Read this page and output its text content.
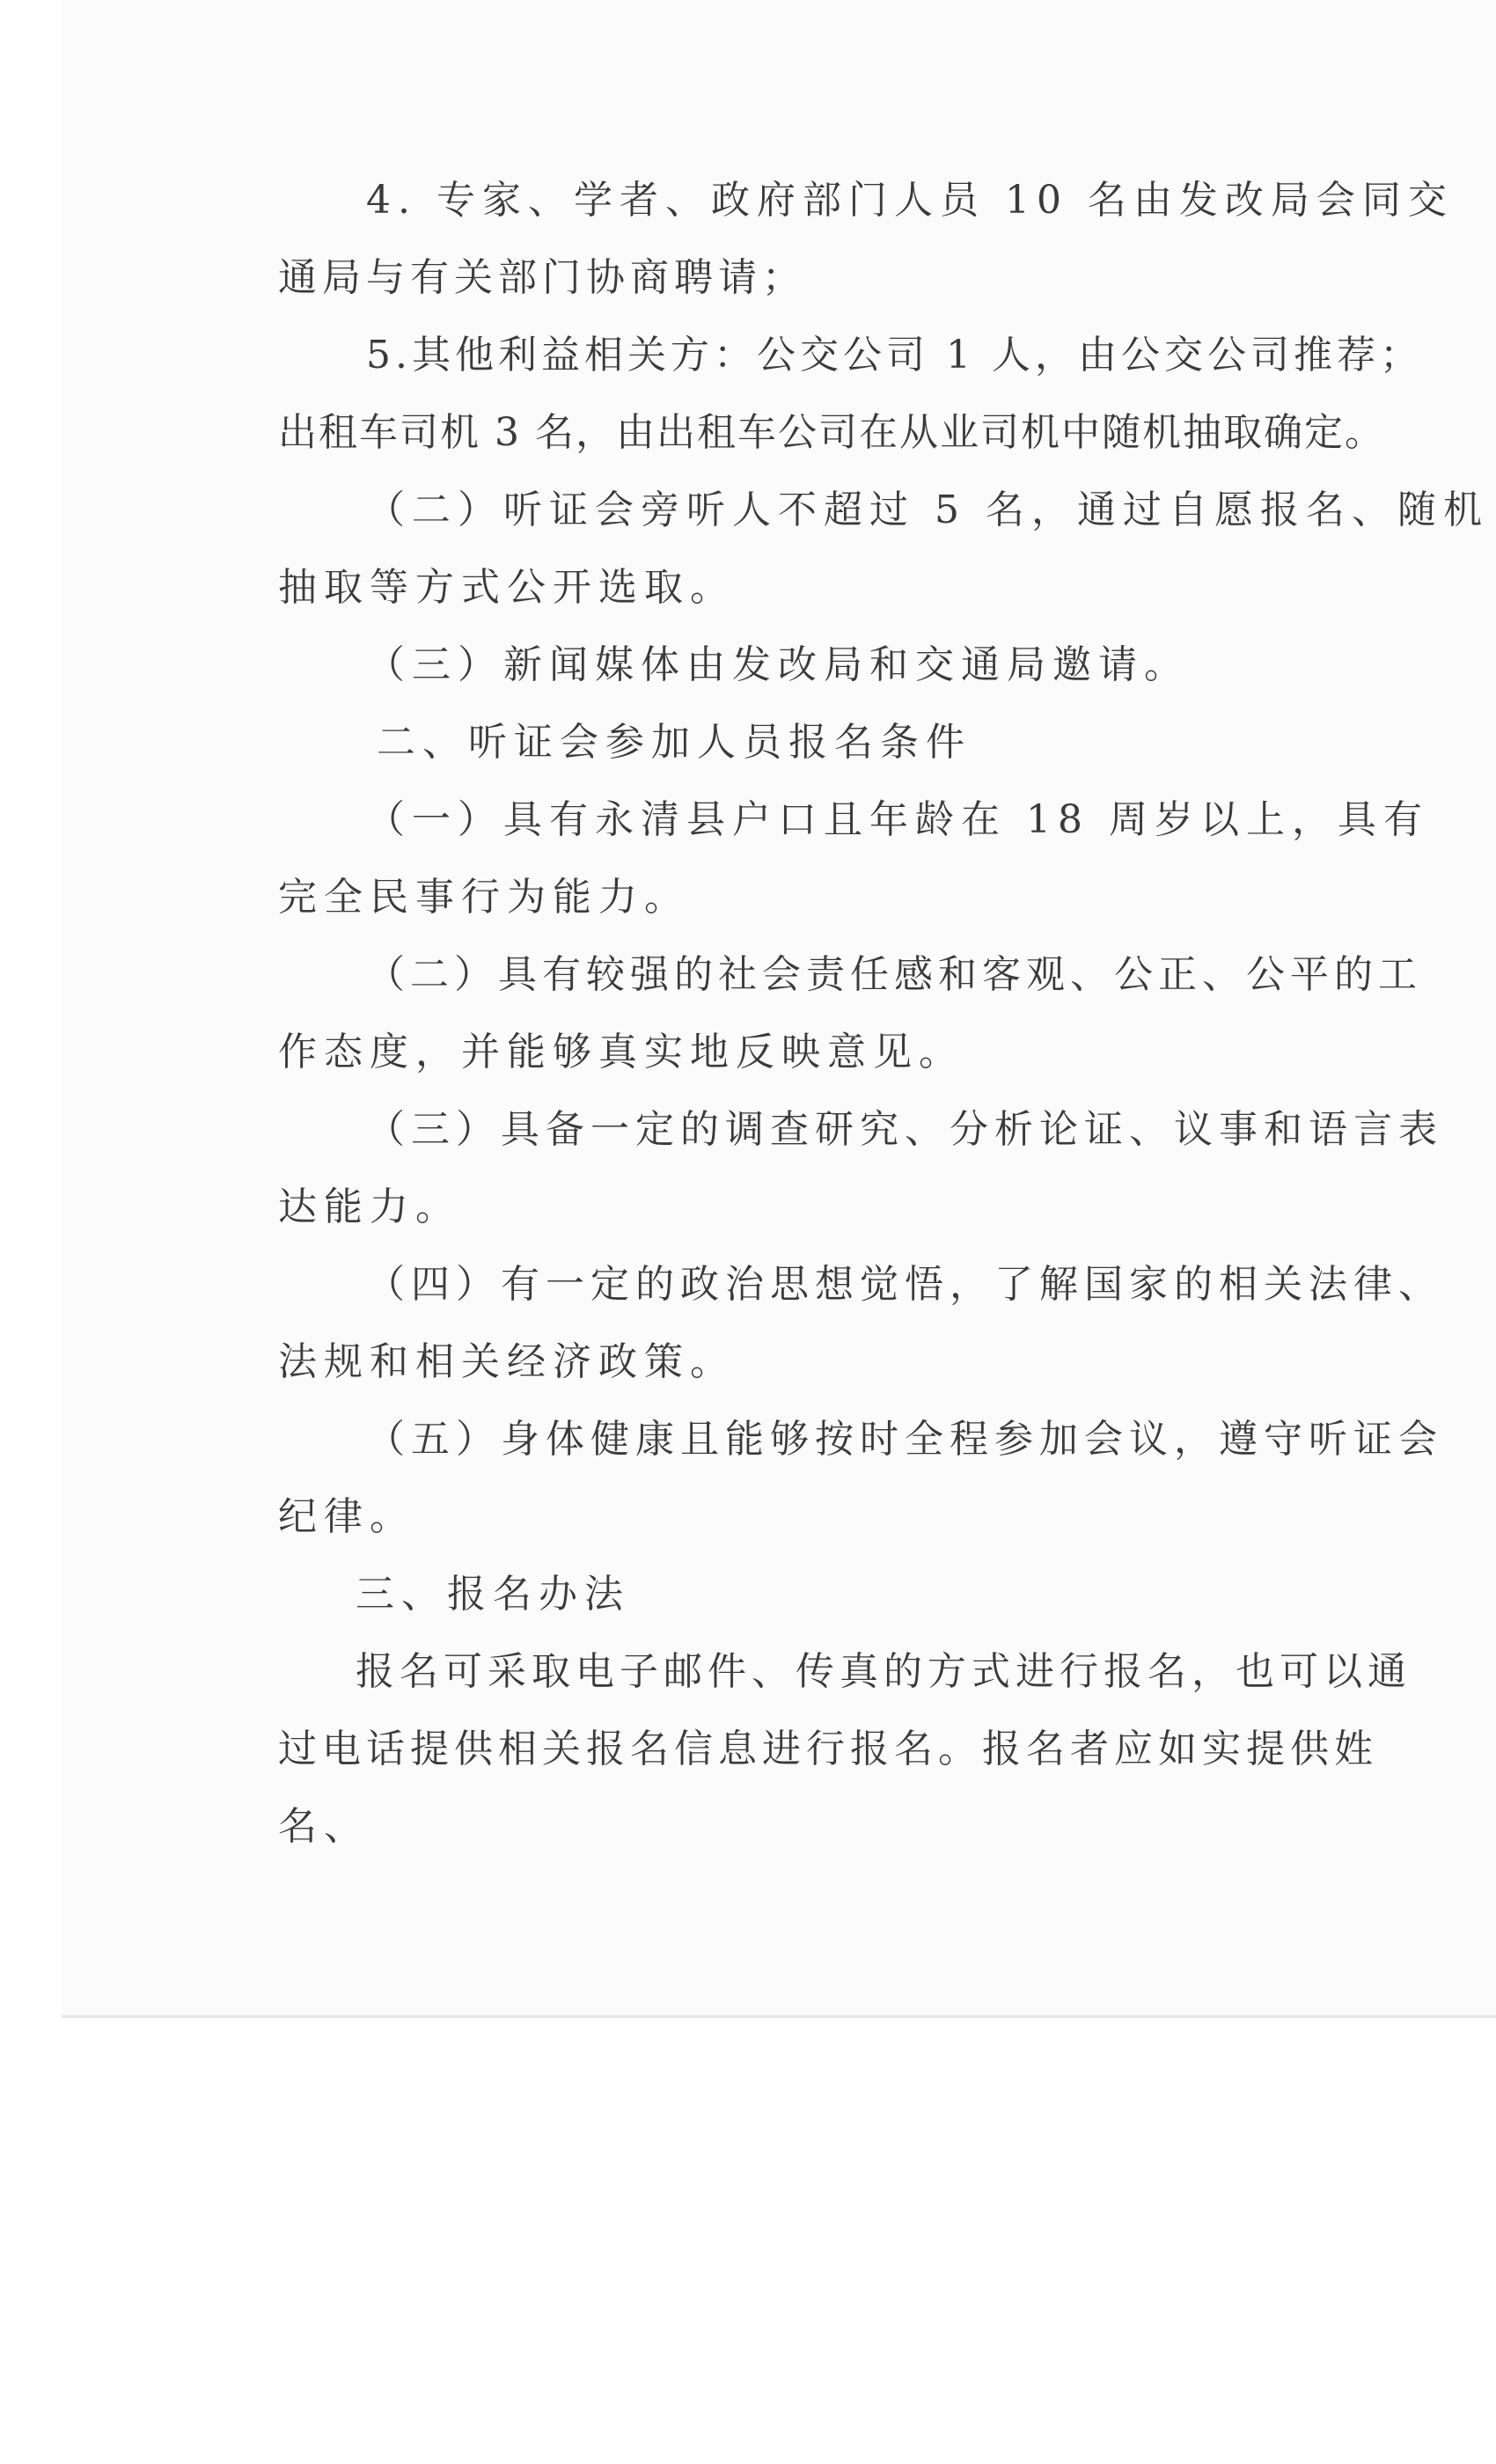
4. 专家、学者、政府部门人员 10 名由发改局会同交
通局与有关部门协商聘请；
5.其他利益相关方：公交公司 1 人，由公交公司推荐；
出租车司机 3 名，由出租车公司在从业司机中随机抽取确定。
（二）听证会旁听人不超过 5 名，通过自愿报名、随机
抽取等方式公开选取。
（三）新闻媒体由发改局和交通局邀请。
二、听证会参加人员报名条件
（一）具有永清县户口且年龄在 18 周岁以上，具有
完全民事行为能力。
（二）具有较强的社会责任感和客观、公正、公平的工
作态度，并能够真实地反映意见。
（三）具备一定的调查研究、分析论证、议事和语言表
达能力。
（四）有一定的政治思想觉悟，了解国家的相关法律、
法规和相关经济政策。
（五）身体健康且能够按时全程参加会议，遵守听证会
纪律。
三、报名办法
报名可采取电子邮件、传真的方式进行报名，也可以通
过电话提供相关报名信息进行报名。报名者应如实提供姓
名、
